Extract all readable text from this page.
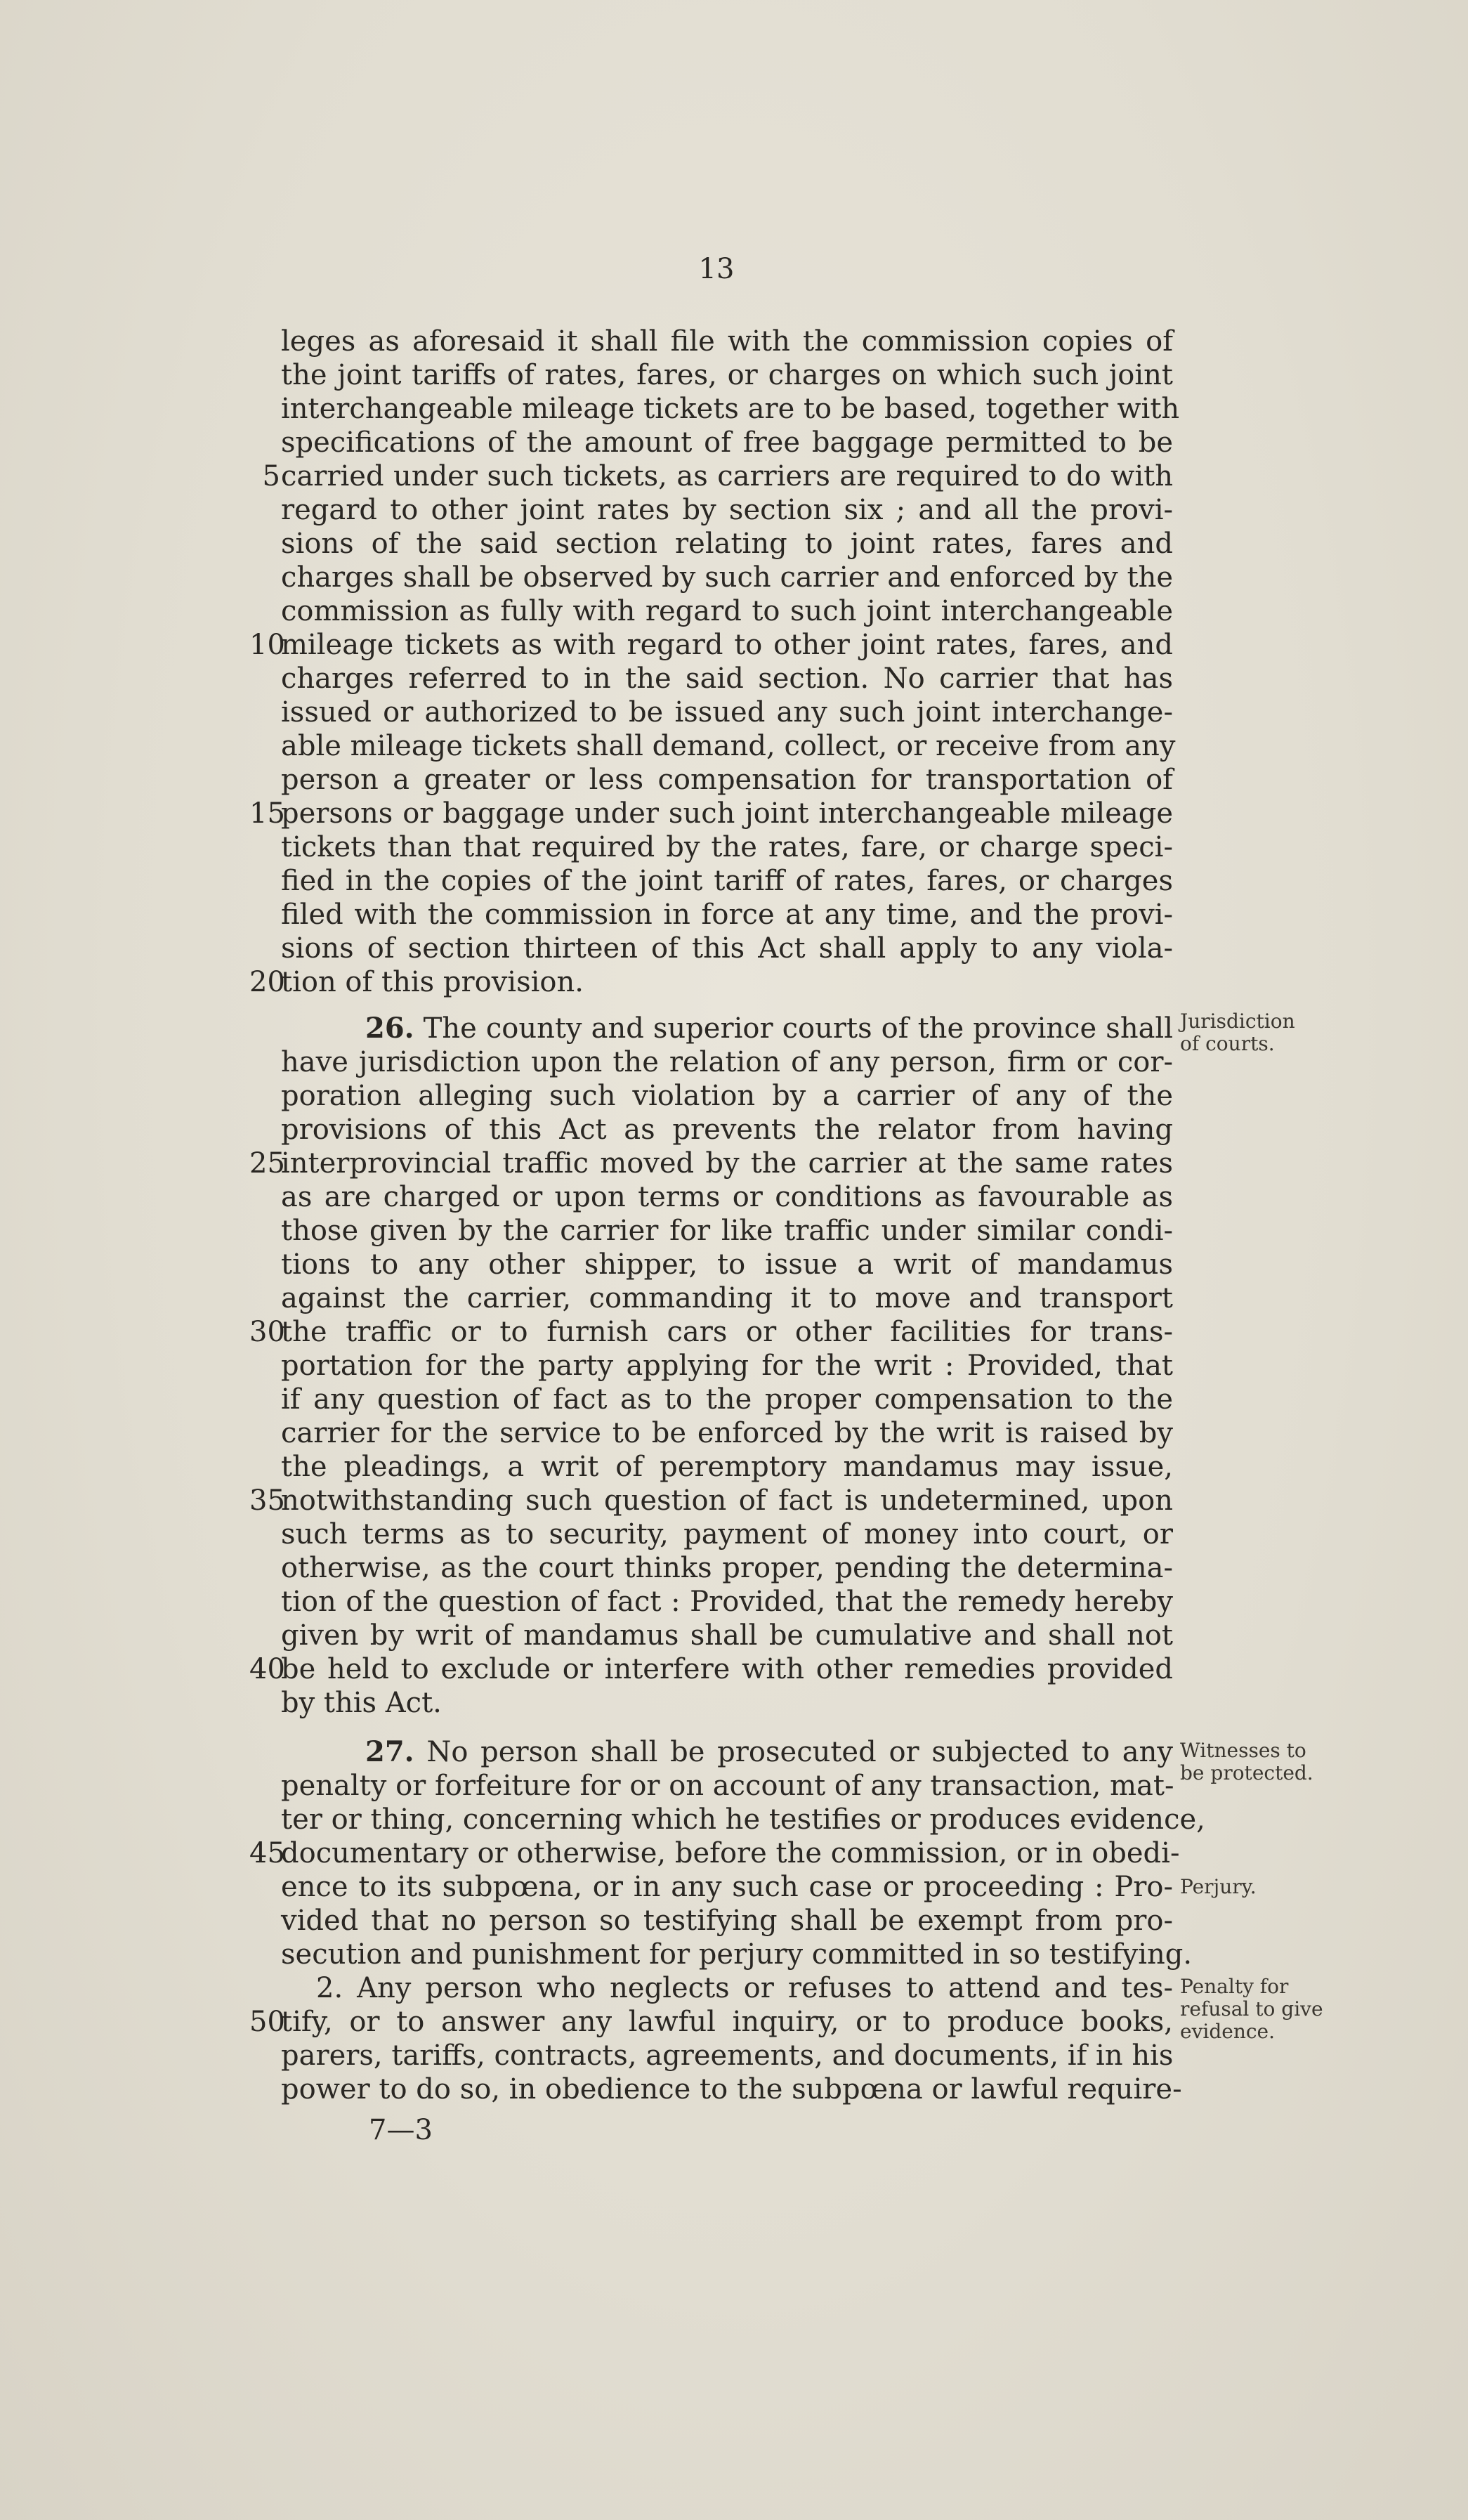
13
leges as aforesaid it shall file with the commission copies of
the joint tariffs of rates, fares, or charges on which such joint
interchangeable mileage tickets are to be based, together with
specifications of the amount of free baggage permitted to be
carried under such tickets, as carriers are required to do with
regard to other joint rates by section six ; and all the provi-
sions of the said section relating to joint rates, fares and
charges shall be observed by such carrier and enforced by the
commission as fully with regard to such joint interchangeable
mileage tickets as with regard to other joint rates, fares, and
charges referred to in the said section. No carrier that has
issued or authorized to be issued any such joint interchange-
able mileage tickets shall demand, collect, or receive from any
person a greater or less compensation for transportation of
persons or baggage under such joint interchangeable mileage
tickets than that required by the rates, fare, or charge speci-
fied in the copies of the joint tariff of rates, fares, or charges
filed with the commission in force at any time, and the provi-
sions of section thirteen of this Act shall apply to any viola-
tion of this provision.
26. The county and superior courts of the province shall
have jurisdiction upon the relation of any person, firm or cor-
poration alleging such violation by a carrier of any of the
provisions of this Act as prevents the relator from having
interprovincial traffic moved by the carrier at the same rates
as are charged or upon terms or conditions as favourable as
those given by the carrier for like traffic under similar condi-
tions to any other shipper, to issue a writ of mandamus
against the carrier, commanding it to move and transport
the traffic or to furnish cars or other facilities for trans-
portation for the party applying for the writ : Provided, that
if any question of fact as to the proper compensation to the
carrier for the service to be enforced by the writ is raised by
the pleadings, a writ of peremptory mandamus may issue,
notwithstanding such question of fact is undetermined, upon
such terms as to security, payment of money into court, or
otherwise, as the court thinks proper, pending the determina-
tion of the question of fact : Provided, that the remedy hereby
given by writ of mandamus shall be cumulative and shall not
be held to exclude or interfere with other remedies provided
by this Act.
27. No person shall be prosecuted or subjected to any
penalty or forfeiture for or on account of any transaction, mat-
ter or thing, concerning which he testifies or produces evidence,
documentary or otherwise, before the commission, or in obedi-
ence to its subpœna, or in any such case or proceeding : Pro-
vided that no person so testifying shall be exempt from pro-
secution and punishment for perjury committed in so testifying.
2. Any person who neglects or refuses to attend and tes-
tify, or to answer any lawful inquiry, or to produce books,
parers, tariffs, contracts, agreements, and documents, if in his
power to do so, in obedience to the subpœna or lawful require-
5
10
15
20
25
30
35
40
45
50
Jurisdiction
of courts.
Witnesses to
be protected.
Perjury.
Penalty for
refusal to give
evidence.
7—3
